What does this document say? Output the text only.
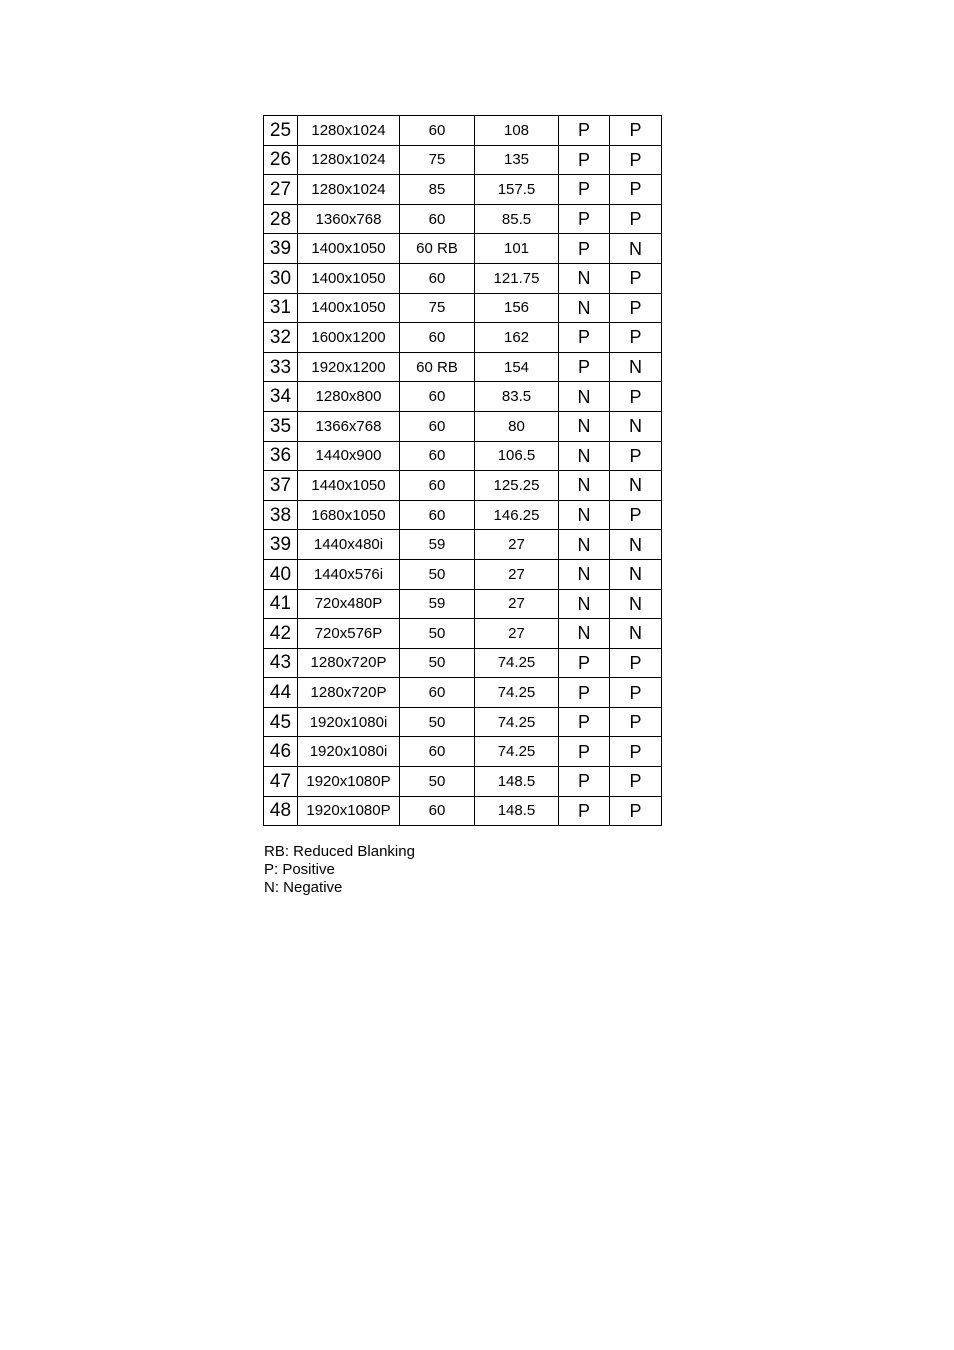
25	1280x1024	60	108	P	P
26	1280x1024	75	135	P	P
27	1280x1024	85	157.5	P	P
28	1360x768	60	85.5	P	P
39	1400x1050	60 RB	101	P	N
30	1400x1050	60	121.75	N	P
31	1400x1050	75	156	N	P
32	1600x1200	60	162	P	P
33	1920x1200	60 RB	154	P	N
34	1280x800	60	83.5	N	P
35	1366x768	60	80	N	N
36	1440x900	60	106.5	N	P
37	1440x1050	60	125.25	N	N
38	1680x1050	60	146.25	N	P
39	1440x480i	59	27	N	N
40	1440x576i	50	27	N	N
41	720x480P	59	27	N	N
42	720x576P	50	27	N	N
43	1280x720P	50	74.25	P	P
44	1280x720P	60	74.25	P	P
45	1920x1080i	50	74.25	P	P
46	1920x1080i	60	74.25	P	P
47	1920x1080P	50	148.5	P	P
48	1920x1080P	60	148.5	P	P
RB: Reduced Blanking
P: Positive
N: Negative
